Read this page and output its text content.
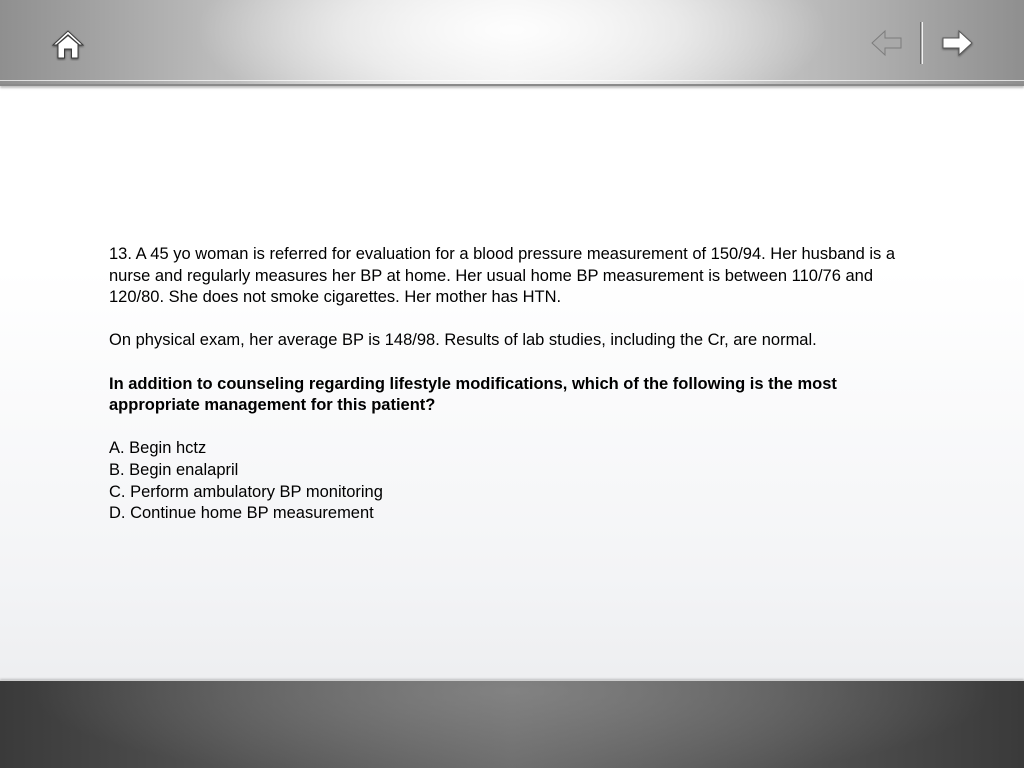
13. A 45 yo woman is referred for evaluation for a blood pressure measurement of 150/94. Her husband is a nurse and regularly measures her BP at home. Her usual home BP measurement is between 110/76 and 120/80. She does not smoke cigarettes. Her mother has HTN.

On physical exam, her average BP is 148/98. Results of lab studies, including the Cr, are normal.

In addition to counseling regarding lifestyle modifications, which of the following is the most appropriate management for this patient?

A. Begin hctz
B. Begin enalapril
C. Perform ambulatory BP monitoring
D. Continue home BP measurement
